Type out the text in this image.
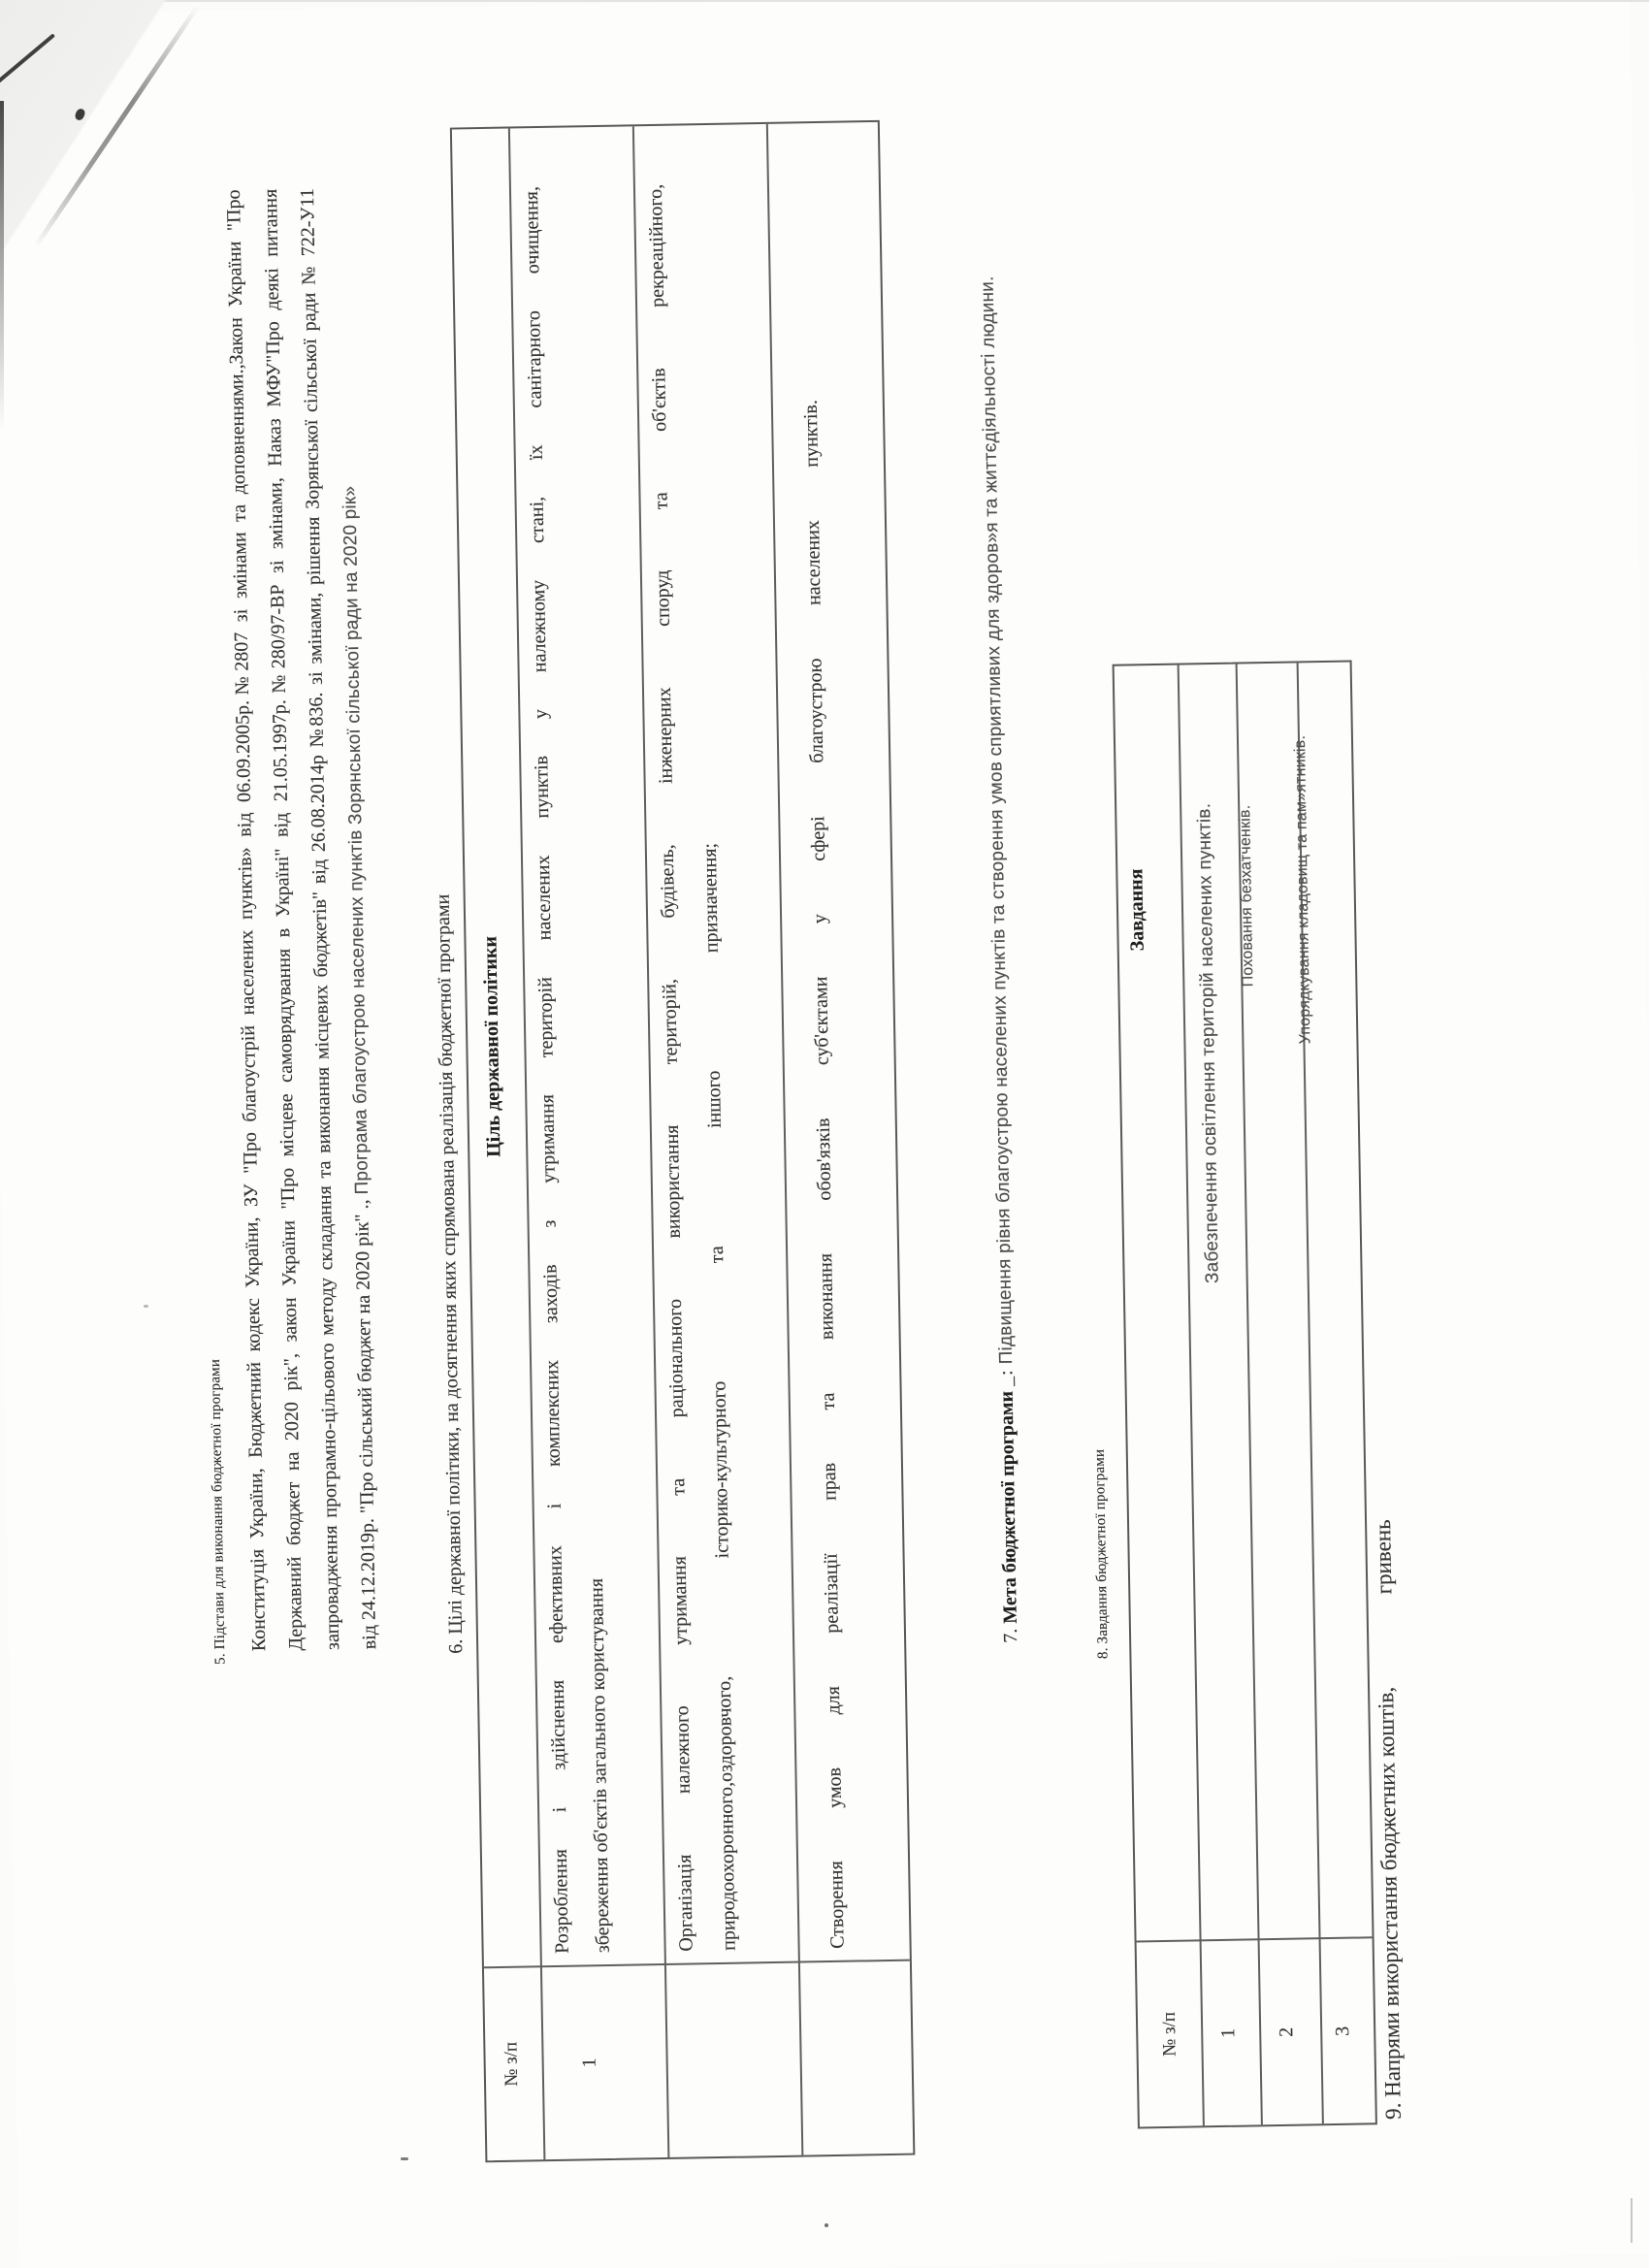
5. Підстави для виконання бюджетної програми
Конституція України, Бюджетний кодекс України, ЗУ "Про благоустрій населених пунктів» від 06.09.2005р.№2807 зі змінами та доповненнями.,Закон України "Про
Державний бюджет на 2020 рік", закон України "Про місцеве самоврядування в Україні" від 21.05.1997р.№280/97-ВР зі змінами, Наказ МФУ"Про деякі питання
запровадження програмно-цільового методу складання та виконання місцевих бюджетів" від 26.08.2014р №836. зі змінами, рішення Зорянської сільської ради № 722-У11 від 24.12.2019р. "Про сільський бюджет на 2020 рік" ., Програма благоустрою населених пунктів Зорянської сільської ради на 2020 рік»
6. Цілі державної політики, на досягнення яких спрямована реалізація бюджетної програми
№ з/п
Ціль державної політики
1
Розроблення і здійснення ефективних і комплексних заходів з утримання територій населених пунктів у належному стані, їх санітарного очищення, збереження об'єктів загального користування Організація належного утримання та раціонального використання територій, будівель, інженерних споруд та об'єктів рекреаційного, природоохоронного,оздоровчого, історико-культурного та іншого призначення;	Створення умов для реалізації прав та виконання обов'язків суб'єктами у сфері благоустрою населених пунктів.	7. Мета бюджетної програми _: Підвищення рівня благоустрою населених пунктів та створення умов сприятливих для здоров»я та життєдіяльності людини.
8. Завдання бюджетної програми
№ з/п
Завдання
1
Забезпечення освітлення територій населених пунктів.
2
Поховання безхатченків.
3
Упорядкування кладовищ та пам»ятників.
9. Напрями використання бюджетних коштів,  гривень
